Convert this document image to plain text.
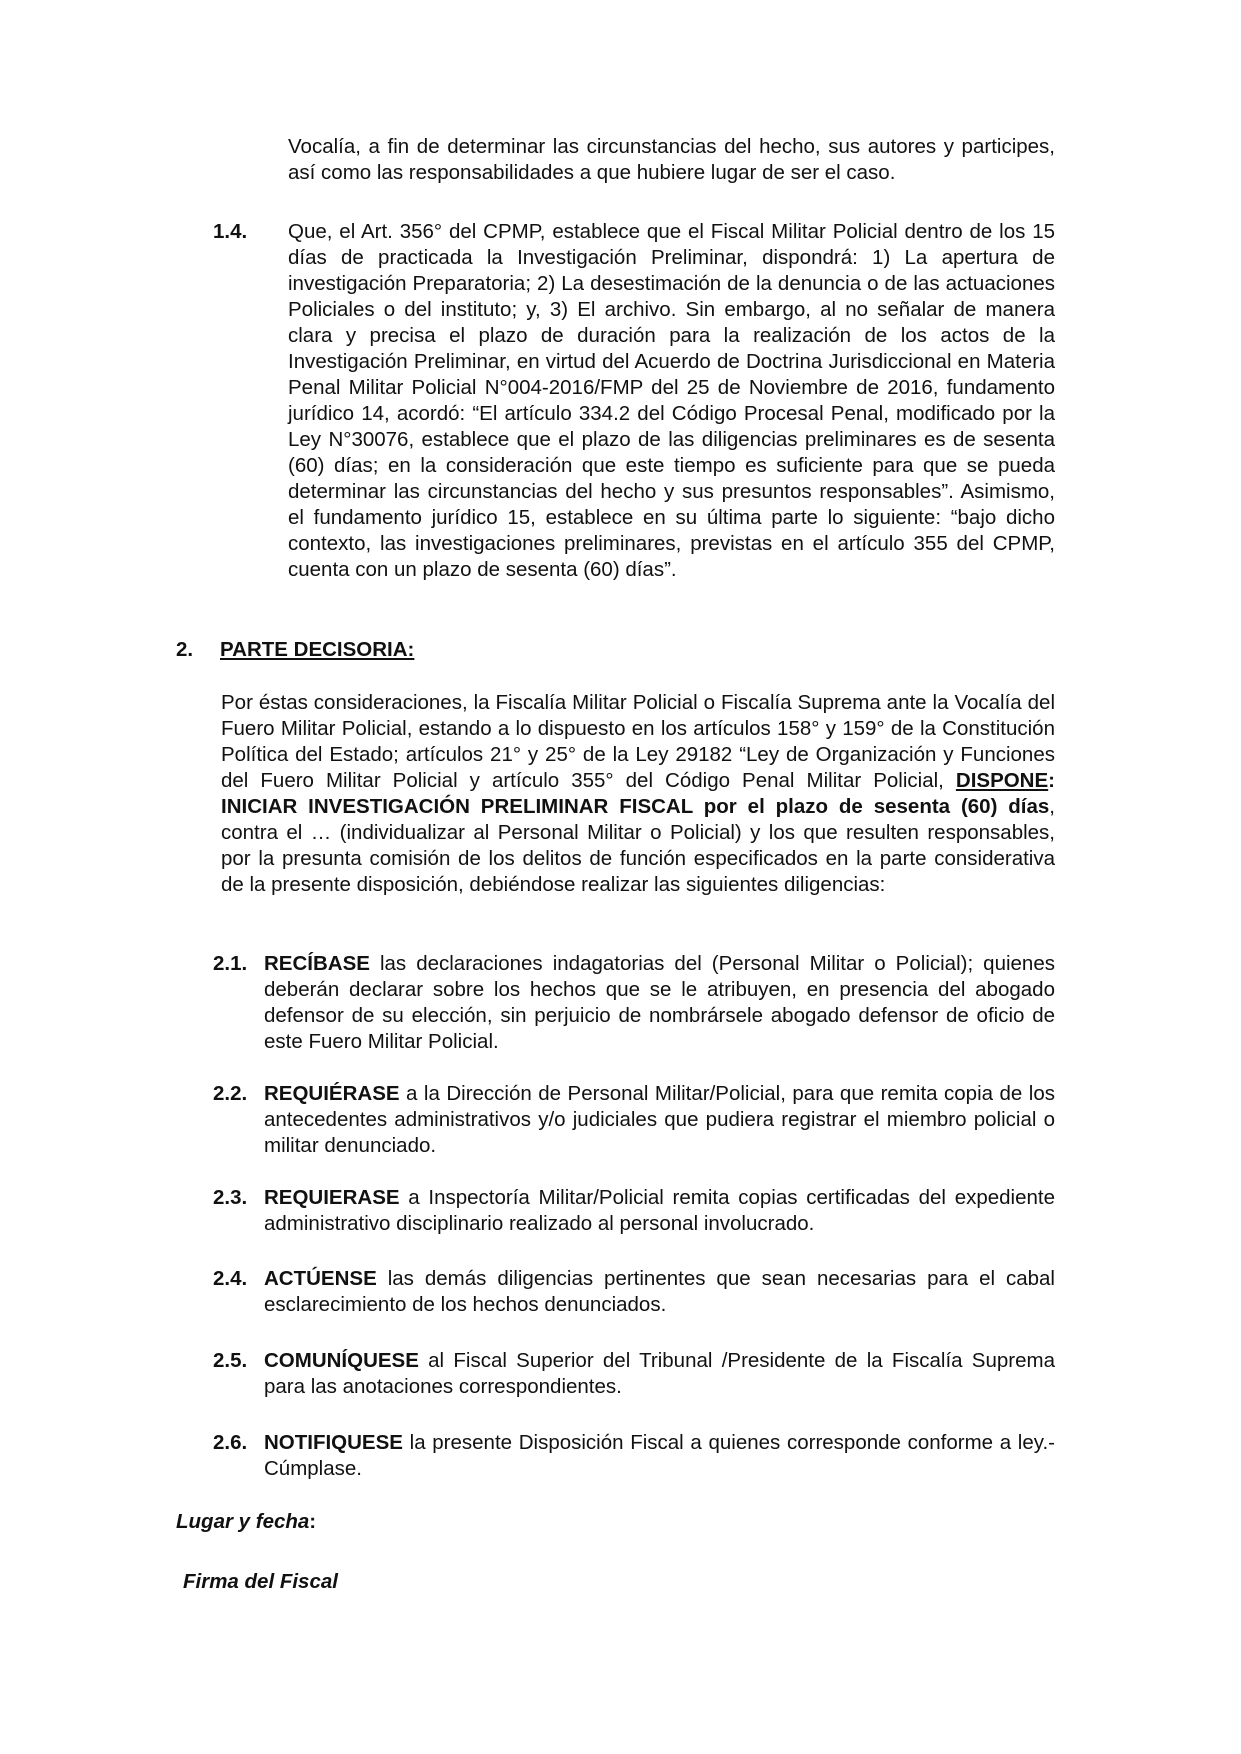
Vocalía, a fin de determinar las circunstancias del hecho, sus autores y participes, así como las responsabilidades a que hubiere lugar de ser el caso.

1.4. Que, el Art. 356° del CPMP, establece que el Fiscal Militar Policial dentro de los 15 días de practicada la Investigación Preliminar, dispondrá: 1) La apertura de investigación Preparatoria; 2) La desestimación de la denuncia o de las actuaciones Policiales o del instituto; y, 3) El archivo. Sin embargo, al no señalar de manera clara y precisa el plazo de duración para la realización de los actos de la Investigación Preliminar, en virtud del Acuerdo de Doctrina Jurisdiccional en Materia Penal Militar Policial N°004-2016/FMP del 25 de Noviembre de 2016, fundamento jurídico 14, acordó: “El artículo 334.2 del Código Procesal Penal, modificado por la Ley N°30076, establece que el plazo de las diligencias preliminares es de sesenta (60) días; en la consideración que este tiempo es suficiente para que se pueda determinar las circunstancias del hecho y sus presuntos responsables”. Asimismo, el fundamento jurídico 15, establece en su última parte lo siguiente: “bajo dicho contexto, las investigaciones preliminares, previstas en el artículo 355 del CPMP, cuenta con un plazo de sesenta (60) días”.

2. PARTE DECISORIA:

Por éstas consideraciones, la Fiscalía Militar Policial o Fiscalía Suprema ante la Vocalía del Fuero Militar Policial, estando a lo dispuesto en los artículos 158° y 159° de la Constitución Política del Estado; artículos 21° y 25° de la Ley 29182 “Ley de Organización y Funciones del Fuero Militar Policial y artículo 355° del Código Penal Militar Policial, DISPONE: INICIAR INVESTIGACIÓN PRELIMINAR FISCAL por el plazo de sesenta (60) días, contra el … (individualizar al Personal Militar o Policial) y los que resulten responsables, por la presunta comisión de los delitos de función especificados en la parte considerativa de la presente disposición, debiéndose realizar las siguientes diligencias:

2.1. RECÍBASE las declaraciones indagatorias del (Personal Militar o Policial); quienes deberán declarar sobre los hechos que se le atribuyen, en presencia del abogado defensor de su elección, sin perjuicio de nombrársele abogado defensor de oficio de este Fuero Militar Policial.

2.2. REQUIÉRASE a la Dirección de Personal Militar/Policial, para que remita copia de los antecedentes administrativos y/o judiciales que pudiera registrar el miembro policial o militar denunciado.

2.3. REQUIERASE a Inspectoría Militar/Policial remita copias certificadas del expediente administrativo disciplinario realizado al personal involucrado.

2.4. ACTÚENSE las demás diligencias pertinentes que sean necesarias para el cabal esclarecimiento de los hechos denunciados.

2.5. COMUNÍQUESE al Fiscal Superior del Tribunal /Presidente de la Fiscalía Suprema para las anotaciones correspondientes.

2.6. NOTIFIQUESE la presente Disposición Fiscal a quienes corresponde conforme a ley.-Cúmplase.

Lugar y fecha:
Firma del Fiscal
